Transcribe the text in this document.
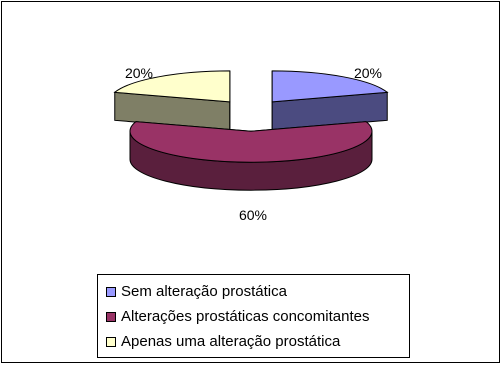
20%
60%
20%
Sem alteração prostática
Alterações prostáticas concomitantes
Apenas uma alteração prostática
